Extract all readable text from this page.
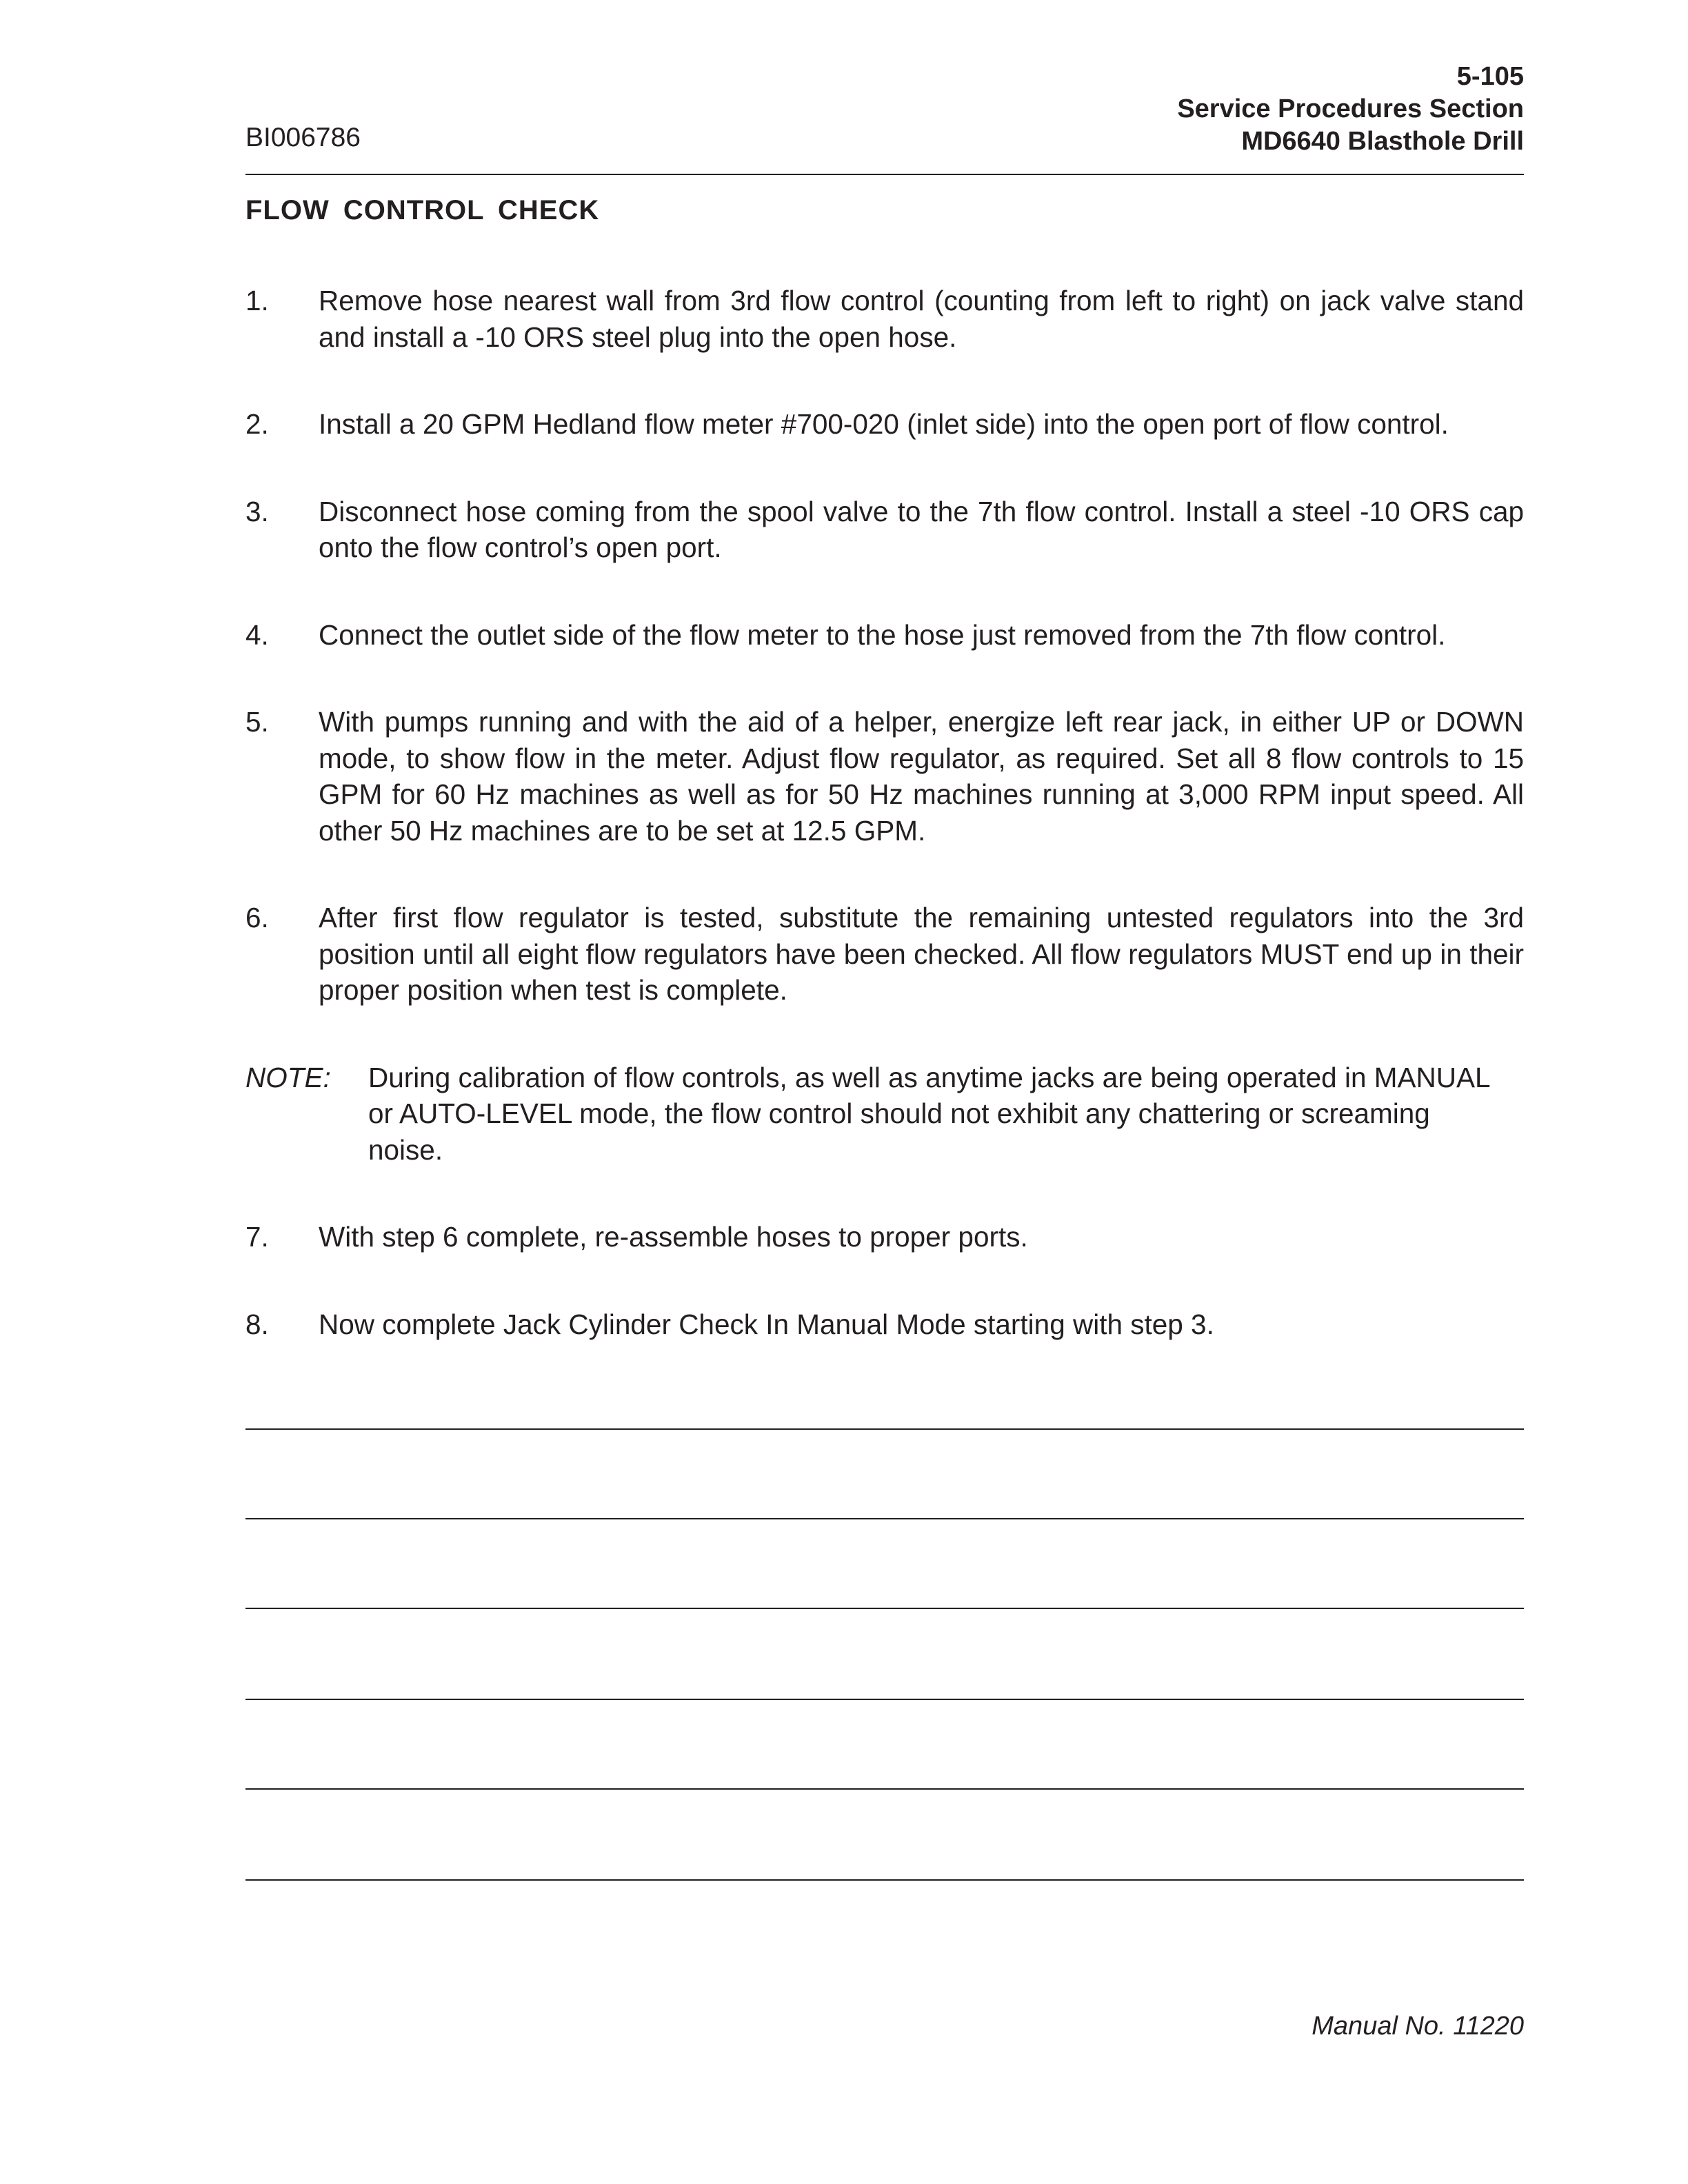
BI006786
5-105
Service Procedures Section
MD6640 Blasthole Drill
FLOW CONTROL CHECK
1. Remove hose nearest wall from 3rd flow control (counting from left to right) on jack valve stand and install a -10 ORS steel plug into the open hose.
2. Install a 20 GPM Hedland flow meter #700-020 (inlet side) into the open port of flow control.
3. Disconnect hose coming from the spool valve to the 7th flow control. Install a steel -10 ORS cap onto the flow control’s open port.
4. Connect the outlet side of the flow meter to the hose just removed from the 7th flow control.
5. With pumps running and with the aid of a helper, energize left rear jack, in either UP or DOWN mode, to show flow in the meter. Adjust flow regulator, as required. Set all 8 flow controls to 15 GPM for 60 Hz machines as well as for 50 Hz machines running at 3,000 RPM input speed. All other 50 Hz machines are to be set at 12.5 GPM.
6. After first flow regulator is tested, substitute the remaining untested regulators into the 3rd position until all eight flow regulators have been checked. All flow regulators MUST end up in their proper position when test is complete.
NOTE: During calibration of flow controls, as well as anytime jacks are being operated in MANUAL or AUTO-LEVEL mode, the flow control should not exhibit any chattering or screaming noise.
7. With step 6 complete, re-assemble hoses to proper ports.
8. Now complete Jack Cylinder Check In Manual Mode starting with step 3.
Manual No. 11220
